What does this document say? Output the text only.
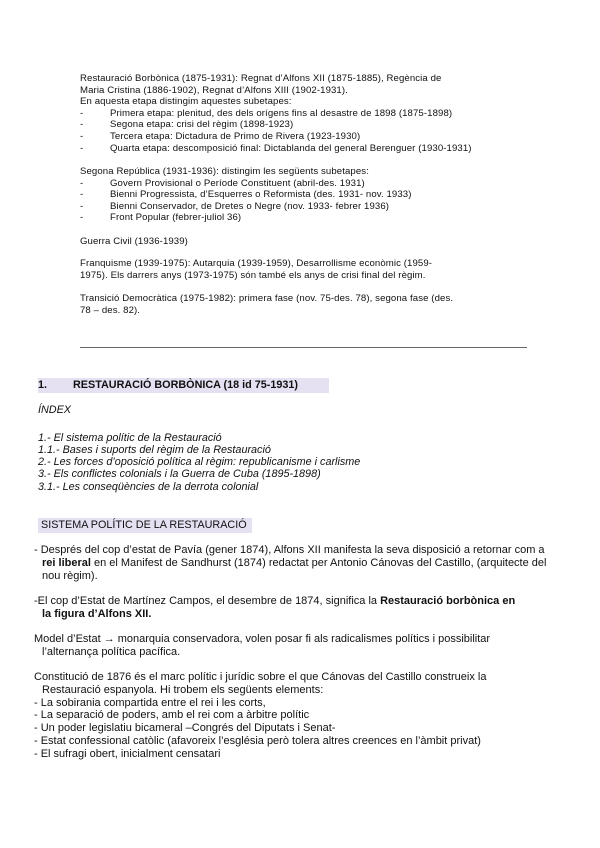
Restauració Borbònica (1875-1931): Regnat d’Alfons XII (1875-1885), Regència de
Maria Cristina (1886-1902), Regnat d’Alfons XIII (1902-1931).
En aquesta etapa distingim aquestes subetapes:
-	Primera etapa: plenitud, des dels orígens fins al desastre de 1898 (1875-1898)
-	Segona etapa: crisi del règim (1898-1923)
-	Tercera etapa: Dictadura de Primo de Rivera (1923-1930)
-	Quarta etapa: descomposició final: Dictablanda del general Berenguer (1930-1931)
Segona República (1931-1936): distingim les següents subetapes:
-	Govern Provisional o Període Constituent (abril-des. 1931)
-	Bienni Progressista, d’Esquerres o Reformista (des. 1931- nov. 1933)
-	Bienni Conservador, de Dretes o Negre (nov. 1933- febrer 1936)
-	Front Popular (febrer-juliol 36)
Guerra Civil (1936-1939)
Franquisme (1939-1975): Autarquia (1939-1959), Desarrollisme econòmic (1959-
1975). Els darrers anys (1973-1975) són també els anys de crisi final del règim.
Transició Democràtica (1975-1982): primera fase (nov. 75-des. 78), segona fase (des.
78 – des. 82).
1. RESTAURACIÓ BORBÒNICA (18 id 75-1931)
ÍNDEX
1.- El sistema polític de la Restauració
1.1.- Bases i suports del règim de la Restauració
2.- Les forces d’oposició política al règim: republicanisme i carlisme
3.- Els conflictes colonials i la Guerra de Cuba (1895-1898)
3.1.- Les conseqüències de la derrota colonial
SISTEMA POLÍTIC DE LA RESTAURACIÓ
- Després del cop d’estat de Pavía (gener 1874), Alfons XII manifesta la seva disposició a retornar com a
rei liberal en el Manifest de Sandhurst (1874) redactat per Antonio Cánovas del Castillo, (arquitecte del
nou règim).
-El cop d’Estat de Martínez Campos, el desembre de 1874, significa la Restauració borbònica en
la figura d’Alfons XII.
Model d’Estat → monarquia conservadora, volen posar fi als radicalismes polítics i possibilitar
l’alternança política pacífica.
Constitució de 1876 és el marc polític i jurídic sobre el que Cánovas del Castillo construeix la
Restauració espanyola. Hi trobem els següents elements:
- La sobirania compartida entre el rei i les corts,
- La separació de poders, amb el rei com a àrbitre polític
- Un poder legislatiu bicameral –Congrés del Diputats i Senat-
- Estat confessional catòlic (afavoreix l’església però tolera altres creences en l’àmbit privat)
- El sufragi obert, inicialment censatari
